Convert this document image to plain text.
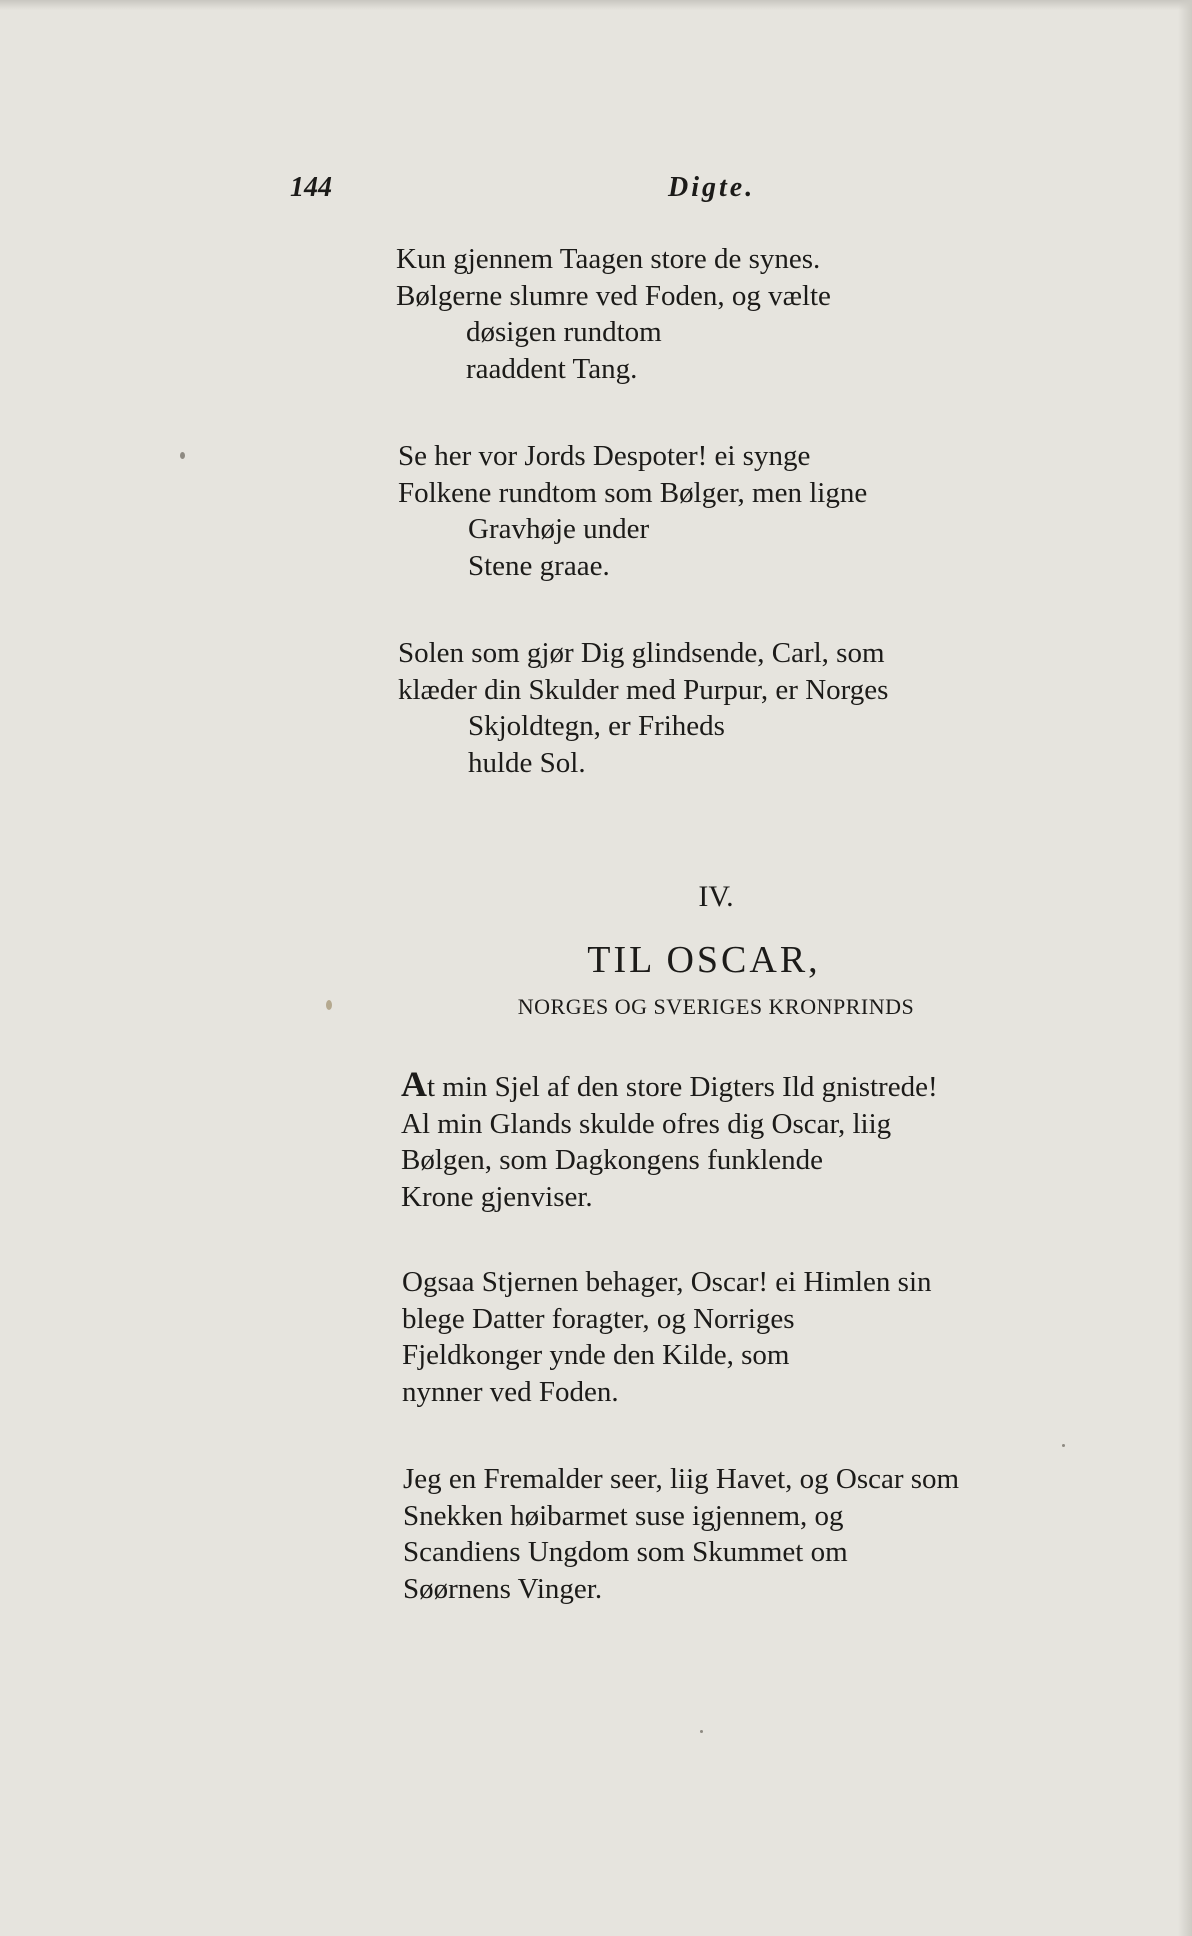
144	Digte.
Kun gjennem Taagen store de synes.
Bølgerne slumre ved Foden, og vælte
døsigen rundtom
raaddent Tang.
Se her vor Jords Despoter! ei synge
Folkene rundtom som Bølger, men ligne
Gravhøje under
Stene graae.
Solen som gjør Dig glindsende, Carl, som
klæder din Skulder med Purpur, er Norges
Skjoldtegn, er Friheds
hulde Sol.
IV.
TIL OSCAR,
NORGES OG SVERIGES KRONPRINDS
At min Sjel af den store Digters Ild gnistrede!
Al min Glands skulde ofres dig Oscar, liig
Bølgen, som Dagkongens funklende
Krone gjenviser.
Ogsaa Stjernen behager, Oscar! ei Himlen sin
blege Datter foragter, og Norriges
Fjeldkonger ynde den Kilde, som
nynner ved Foden.
Jeg en Fremalder seer, liig Havet, og Oscar som
Snekken høibarmet suse igjennem, og
Scandiens Ungdom som Skummet om
Søørnens Vinger.
